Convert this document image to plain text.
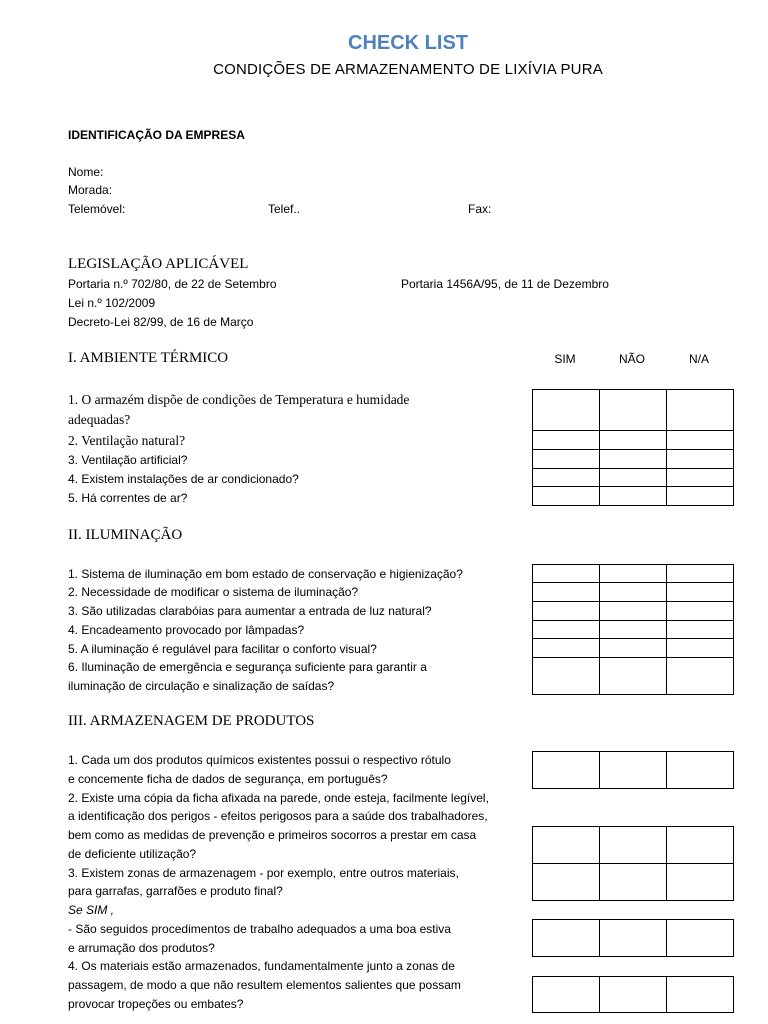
CHECK LIST
CONDIÇÕES DE ARMAZENAMENTO DE LIXÍVIA PURA
IDENTIFICAÇÃO DA EMPRESA
Nome:
Morada:
Telemóvel:	Telef..	Fax:
LEGISLAÇÃO APLICÁVEL
Portaria n.º 702/80, de 22 de Setembro	Portaria 1456A/95, de 11 de Dezembro
Lei n.º 102/2009
Decreto-Lei 82/99, de 16 de Março
I. AMBIENTE TÉRMICO	SIM	NÃO	N/A
1. O armazém dispõe de condições de Temperatura e humidade
adequadas?
2. Ventilação natural?
3. Ventilação artificial?
4. Existem instalações de ar condicionado?
5. Há correntes de ar?

II. ILUMINAÇÃO
1. Sistema de iluminação em bom estado de conservação e higienização?
2. Necessidade de modificar o sistema de iluminação?
3. São utilizadas clarabóias para aumentar a entrada de luz natural?
4. Encadeamento provocado por lâmpadas?
5. A iluminação é regulável para facilitar o conforto visual?
6. Iluminação de emergência e segurança suficiente para garantir a
iluminação de circulação e sinalização de saídas?

III. ARMAZENAGEM DE PRODUTOS
1. Cada um dos produtos químicos existentes possui o respectivo rótulo
e concemente ficha de dados de segurança, em português?
2. Existe uma cópia da ficha afixada na parede, onde esteja, facilmente legível,
a identificação dos perigos - efeitos perigosos para a saúde dos trabalhadores,
bem como as medidas de prevenção e primeiros socorros a prestar em casa
de deficiente utilização?
3. Existem zonas de armazenagem - por exemplo, entre outros materiais,
para garrafas, garrafões e produto final?
Se SIM ,
- São seguidos procedimentos de trabalho adequados a uma boa estiva
e arrumação dos produtos?
4. Os materiais estão armazenados, fundamentalmente junto a zonas de
passagem, de modo a que não resultem elementos salientes que possam
provocar tropeções ou embates?
